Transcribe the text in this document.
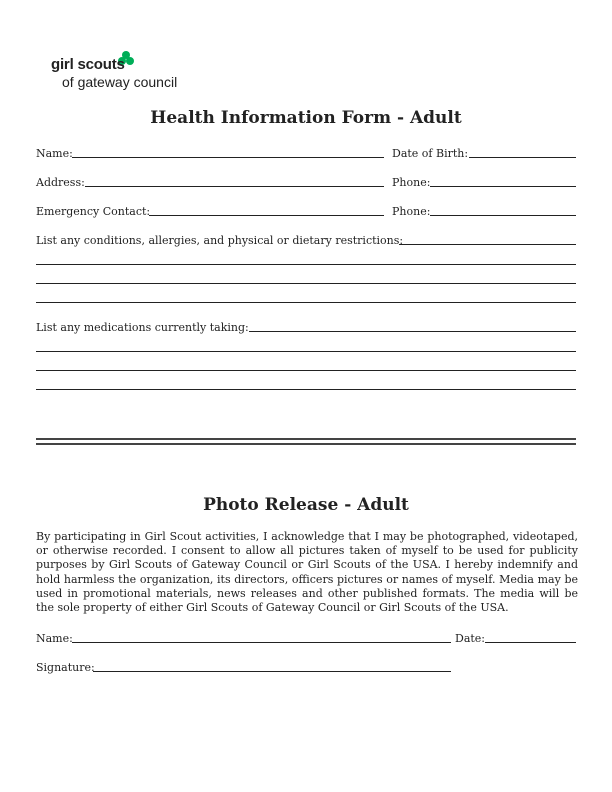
girl scouts
of gateway council
Health Information Form - Adult
Name:	Date of Birth:
Address:	Phone:
Emergency Contact:	Phone:
List any conditions, allergies, and physical or dietary restrictions:
List any medications currently taking:
Photo Release - Adult
By participating in Girl Scout activities, I acknowledge that I may be photographed, videotaped, or otherwise recorded. I consent to allow all pictures taken of myself to be used for publicity purposes by Girl Scouts of Gateway Council or Girl Scouts of the USA. I hereby indemnify and hold harmless the organization, its directors, officers pictures or names of myself. Media may be used in promotional materials, news releases and other published formats. The media will be the sole property of either Girl Scouts of Gateway Council or Girl Scouts of the USA.
Name:	Date:
Signature:
